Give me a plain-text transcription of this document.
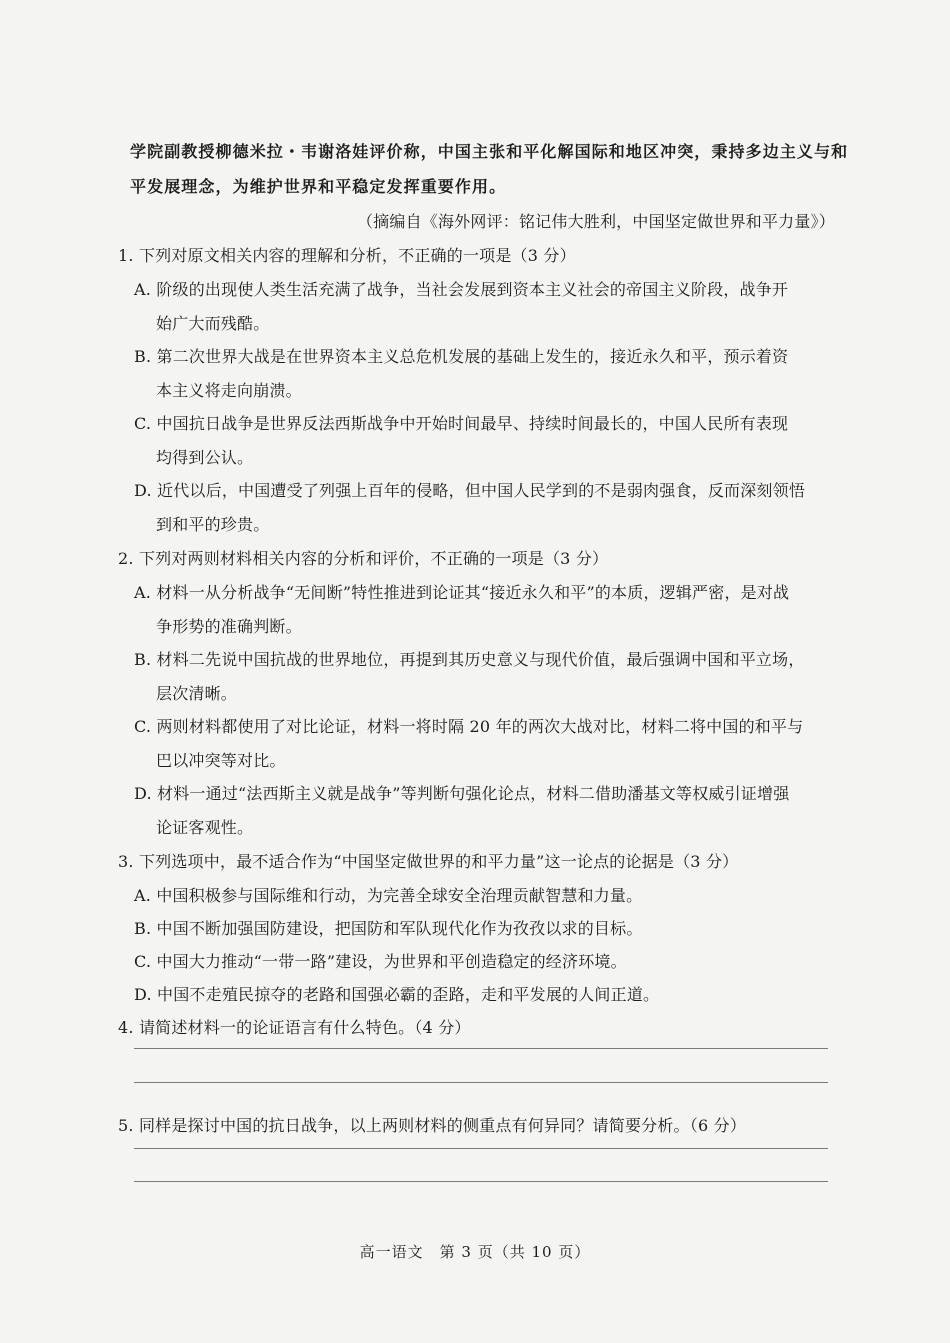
学院副教授柳德米拉・韦谢洛娃评价称，中国主张和平化解国际和地区冲突，秉持多边主义与和
平发展理念，为维护世界和平稳定发挥重要作用。
（摘编自《海外网评：铭记伟大胜利，中国坚定做世界和平力量》）
1. 下列对原文相关内容的理解和分析，不正确的一项是（3 分）
A. 阶级的出现使人类生活充满了战争，当社会发展到资本主义社会的帝国主义阶段，战争开
始广大而残酷。
B. 第二次世界大战是在世界资本主义总危机发展的基础上发生的，接近永久和平，预示着资
本主义将走向崩溃。
C. 中国抗日战争是世界反法西斯战争中开始时间最早、持续时间最长的，中国人民所有表现
均得到公认。
D. 近代以后，中国遭受了列强上百年的侵略，但中国人民学到的不是弱肉强食，反而深刻领悟
到和平的珍贵。
2. 下列对两则材料相关内容的分析和评价，不正确的一项是（3 分）
A. 材料一从分析战争“无间断”特性推进到论证其“接近永久和平”的本质，逻辑严密，是对战
争形势的准确判断。
B. 材料二先说中国抗战的世界地位，再提到其历史意义与现代价值，最后强调中国和平立场，
层次清晰。
C. 两则材料都使用了对比论证，材料一将时隔 20 年的两次大战对比，材料二将中国的和平与
巴以冲突等对比。
D. 材料一通过“法西斯主义就是战争”等判断句强化论点，材料二借助潘基文等权威引证增强
论证客观性。
3. 下列选项中，最不适合作为“中国坚定做世界的和平力量”这一论点的论据是（3 分）
A. 中国积极参与国际维和行动，为完善全球安全治理贡献智慧和力量。
B. 中国不断加强国防建设，把国防和军队现代化作为孜孜以求的目标。
C. 中国大力推动“一带一路”建设，为世界和平创造稳定的经济环境。
D. 中国不走殖民掠夺的老路和国强必霸的歪路，走和平发展的人间正道。
4. 请简述材料一的论证语言有什么特色。（4 分）
5. 同样是探讨中国的抗日战争，以上两则材料的侧重点有何异同？请简要分析。（6 分）
高一语文　第 3 页（共 10 页）
